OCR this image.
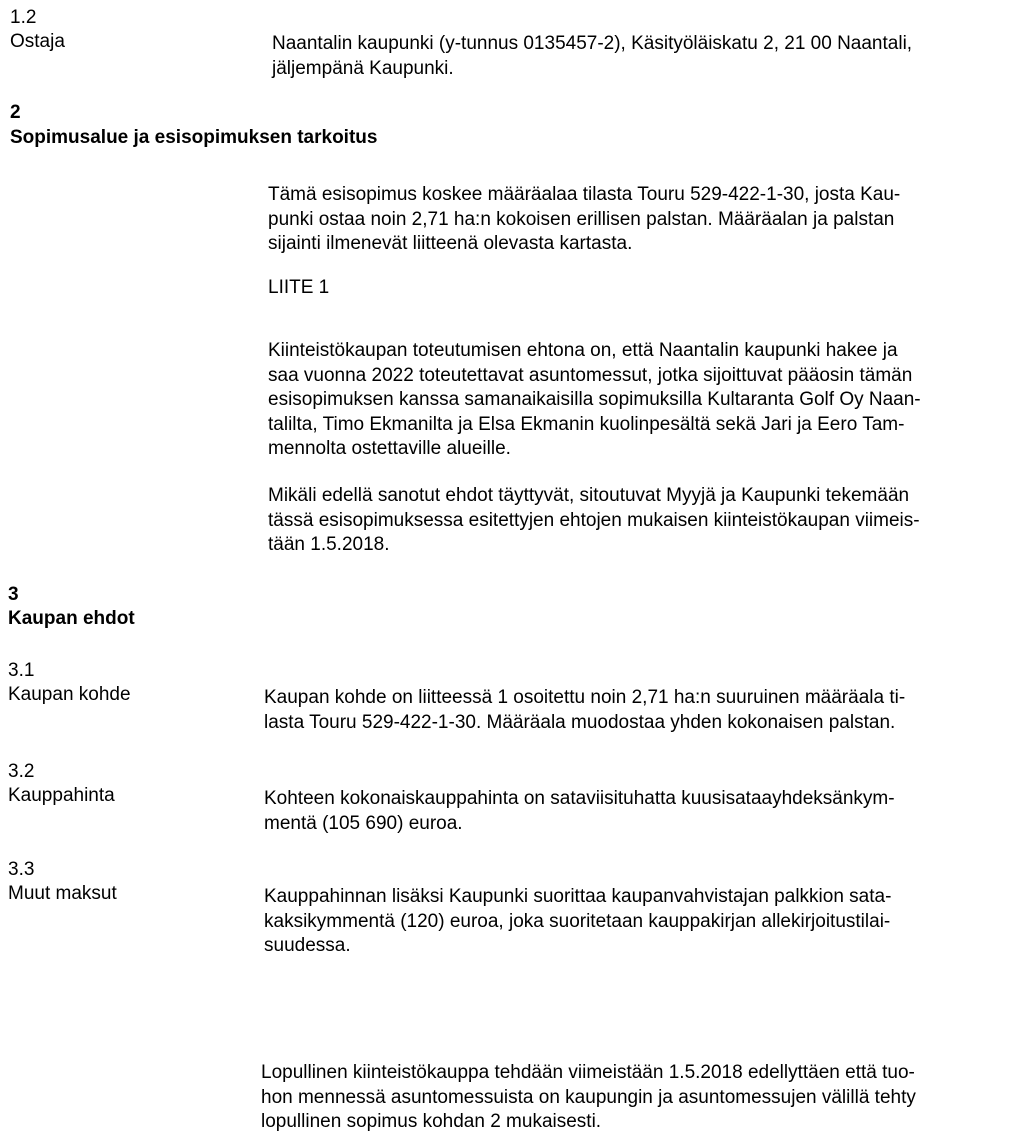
1.2
Ostaja	Naantalin kaupunki (y-tunnus 0135457-2), Käsityöläiskatu 2, 21 00 Naantali,
jäljempänä Kaupunki.
2
Sopimusalue ja esisopimuksen tarkoitus
Tämä esisopimus koskee määräalaa tilasta Touru 529-422-1-30, josta Kau-
punki ostaa noin 2,71 ha:n kokoisen erillisen palstan. Määräalan ja palstan
sijainti ilmenevät liitteenä olevasta kartasta.
LIITE 1
Kiinteistökaupan toteutumisen ehtona on, että Naantalin kaupunki hakee ja
saa vuonna 2022 toteutettavat asuntomessut, jotka sijoittuvat pääosin tämän
esisopimuksen kanssa samanaikaisilla sopimuksilla Kultaranta Golf Oy Naan-
talilta, Timo Ekmanilta ja Elsa Ekmanin kuolinpesältä sekä Jari ja Eero Tam-
mennolta ostettaville alueille.
Mikäli edellä sanotut ehdot täyttyvät, sitoutuvat Myyjä ja Kaupunki tekemään
tässä esisopimuksessa esitettyjen ehtojen mukaisen kiinteistökaupan viimeis-
tään 1.5.2018.
3
Kaupan ehdot
3.1
Kaupan kohde	Kaupan kohde on liitteessä 1 osoitettu noin 2,71 ha:n suuruinen määräala ti-
lasta Touru 529-422-1-30. Määräala muodostaa yhden kokonaisen palstan.
3.2
Kauppahinta	Kohteen kokonaiskauppahinta on sataviisituhatta kuusisataayhdeksänkym-
mentä (105 690) euroa.
3.3
Muut maksut	Kauppahinnan lisäksi Kaupunki suorittaa kaupanvahvistajan palkkion sata-
kaksikymmentä (120) euroa, joka suoritetaan kauppakirjan allekirjoitustilai-
suudessa.
Lopullinen kiinteistökauppa tehdään viimeistään 1.5.2018 edellyttäen että tuo-
hon mennessä asuntomessuista on kaupungin ja asuntomessujen välillä tehty
lopullinen sopimus kohdan 2 mukaisesti.
